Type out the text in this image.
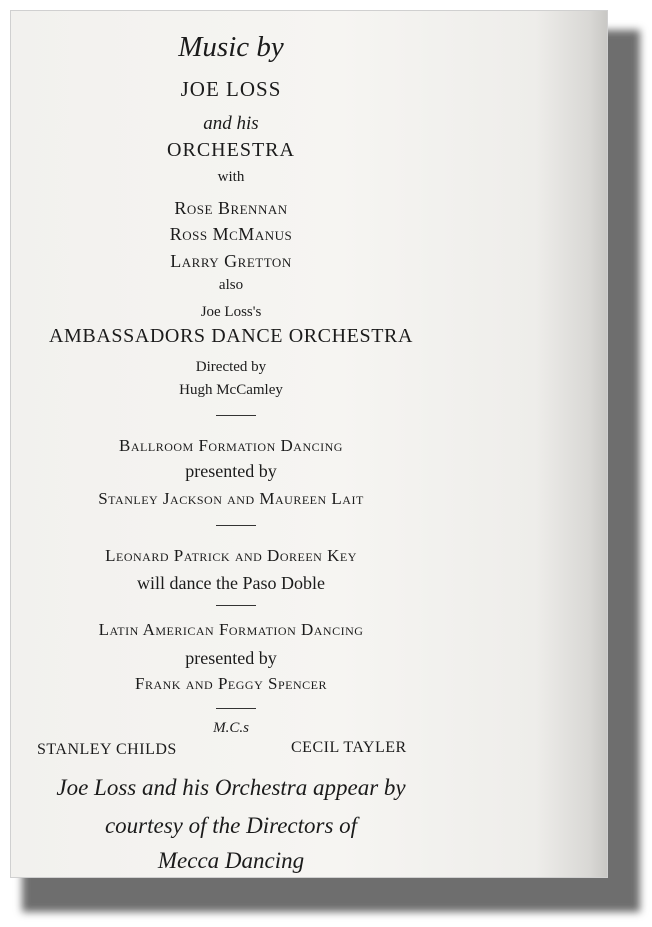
Music by
JOE LOSS
and his
ORCHESTRA
with
Rose Brennan
Ross McManus
Larry Gretton
also
Joe Loss's
AMBASSADORS DANCE ORCHESTRA
Directed by
Hugh McCamley
Ballroom Formation Dancing
presented by
Stanley Jackson and Maureen Lait
Leonard Patrick and Doreen Key
will dance the Paso Doble
Latin American Formation Dancing
presented by
Frank and Peggy Spencer
M.C.s
STANLEY CHILDS	CECIL TAYLER
Joe Loss and his Orchestra appear by
courtesy of the Directors of
Mecca Dancing
